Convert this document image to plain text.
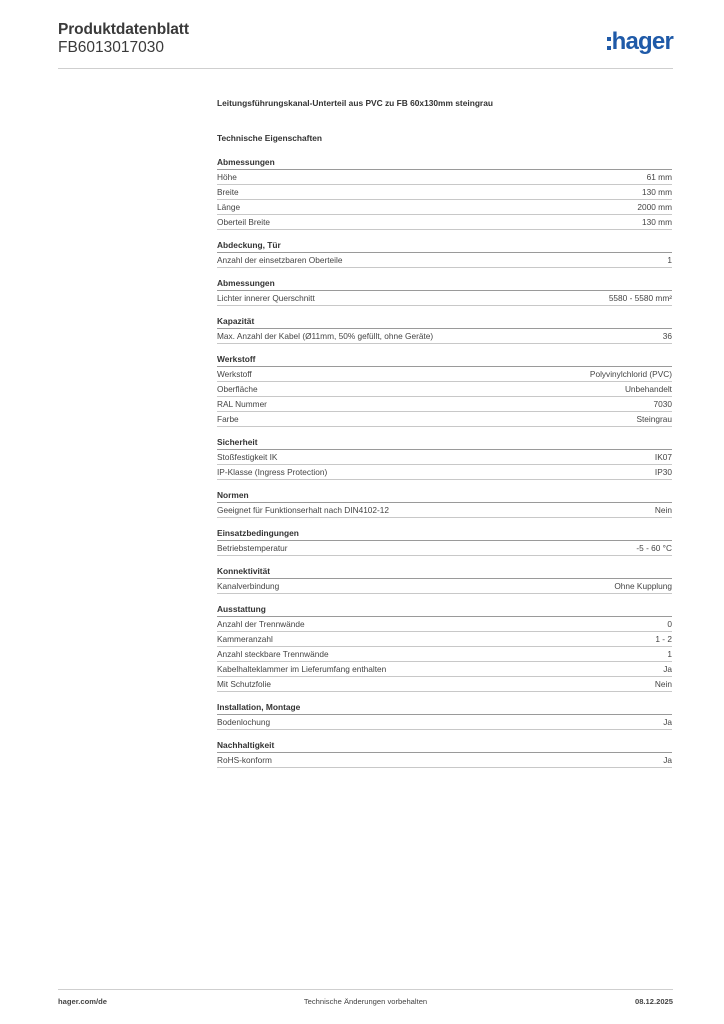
Produktdatenblatt
FB6013017030	hager
Leitungsführungskanal-Unterteil aus PVC zu FB 60x130mm steingrau
Technische Eigenschaften
Abmessungen
Höhe	61 mm
Breite	130 mm
Länge	2000 mm
Oberteil Breite	130 mm
Abdeckung, Tür
Anzahl der einsetzbaren Oberteile	1
Abmessungen
Lichter innerer Querschnitt	5580 - 5580 mm²
Kapazität
Max. Anzahl der Kabel (Ø11mm, 50% gefüllt, ohne Geräte)	36
Werkstoff
Werkstoff	Polyvinylchlorid (PVC)
Oberfläche	Unbehandelt
RAL Nummer	7030
Farbe	Steingrau
Sicherheit
Stoßfestigkeit IK	IK07
IP-Klasse (Ingress Protection)	IP30
Normen
Geeignet für Funktionserhalt nach DIN4102-12	Nein
Einsatzbedingungen
Betriebstemperatur	-5 - 60 °C
Konnektivität
Kanalverbindung	Ohne Kupplung
Ausstattung
Anzahl der Trennwände	0
Kammeranzahl	1 - 2
Anzahl steckbare Trennwände	1
Kabelhalteklammer im Lieferumfang enthalten	Ja
Mit Schutzfolie	Nein
Installation, Montage
Bodenlochung	Ja
Nachhaltigkeit
RoHS-konform	Ja
hager.com/de	Technische Änderungen vorbehalten	08.12.2025
